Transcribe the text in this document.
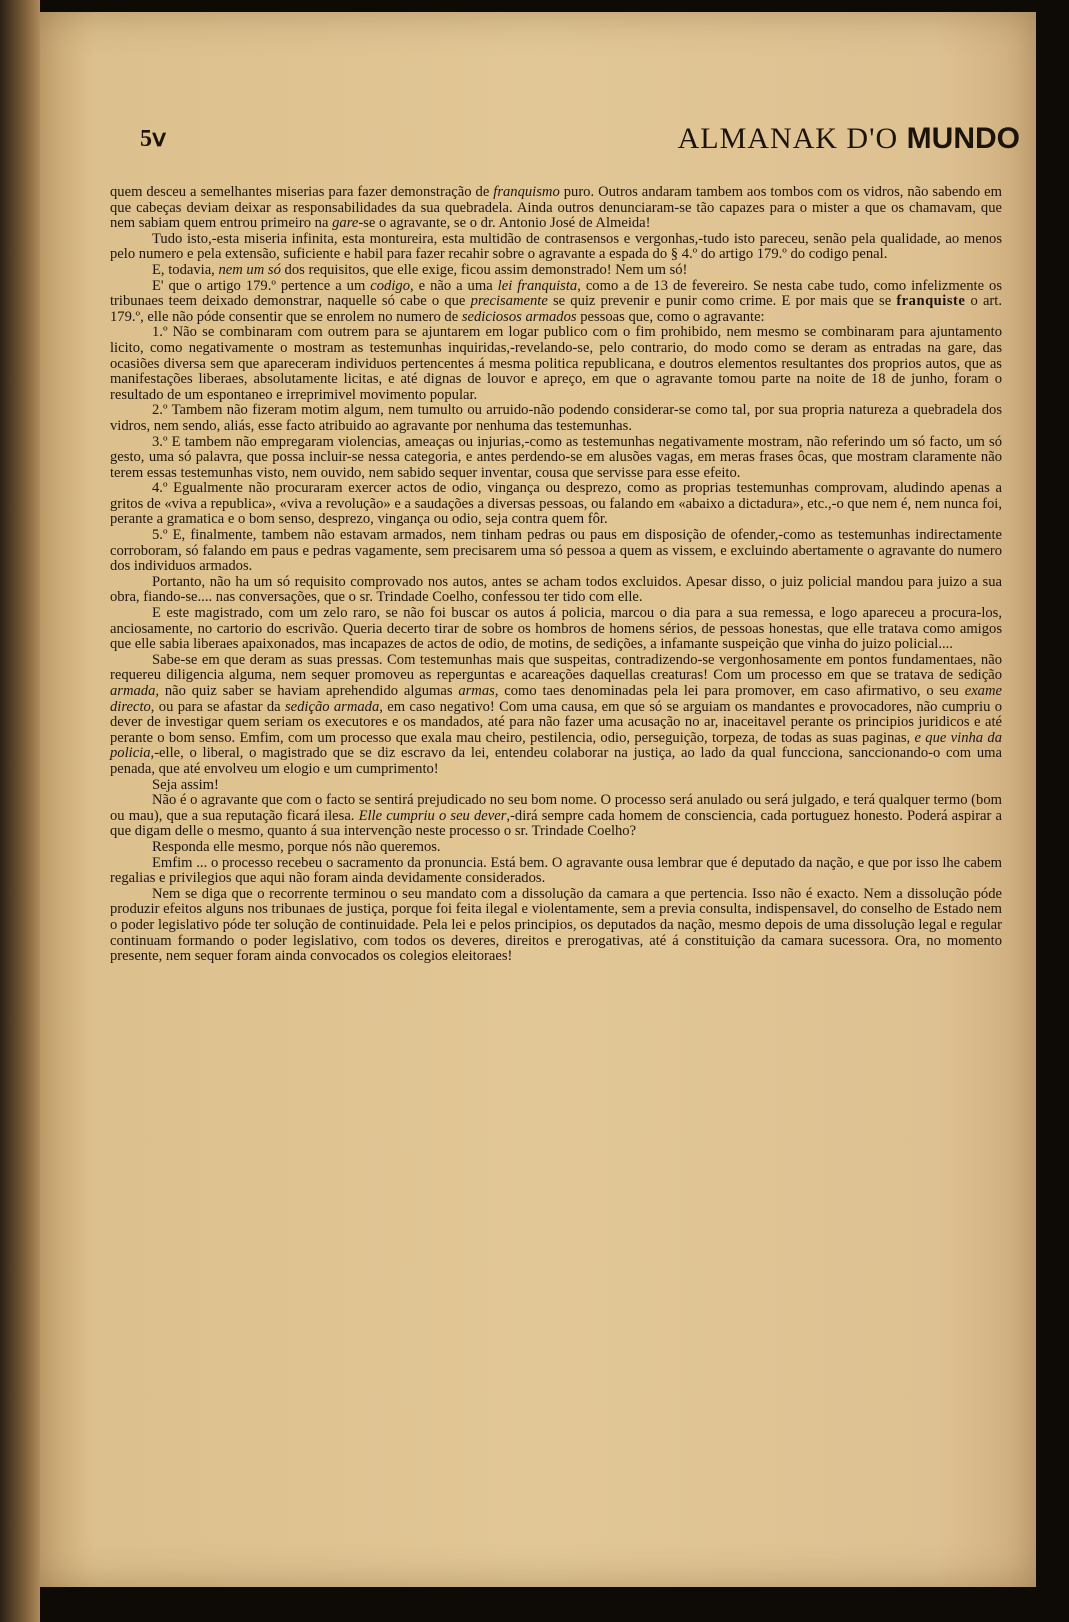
5ⅴ	ALMANAK D'O MUNDO

quem desceu a semelhantes miserias para fazer demonstração de franquismo puro. Outros andaram tambem aos tombos com os vidros, não sabendo em que cabeças deviam deixar as responsabilidades da sua quebradela. Ainda outros denunciaram-se tão capazes para o mister a que os chamavam, que nem sabiam quem entrou primeiro na gare-se o agravante, se o dr. Antonio José de Almeida!

Tudo isto,-esta miseria infinita, esta montureira, esta multidão de contrasensos e vergonhas,-tudo isto pareceu, senão pela qualidade, ao menos pelo numero e pela extensão, suficiente e habil para fazer recahir sobre o agravante a espada do § 4.º do artigo 179.º do codigo penal.

E, todavia, nem um só dos requisitos, que elle exige, ficou assim demonstrado! Nem um só!

E' que o artigo 179.º pertence a um codigo, e não a uma lei franquista, como a de 13 de fevereiro. Se nesta cabe tudo, como infelizmente os tribunaes teem deixado demonstrar, naquelle só cabe o que precisamente se quiz prevenir e punir como crime. E por mais que se franquiste o art. 179.º, elle não póde consentir que se enrolem no numero de sediciosos armados pessoas que, como o agravante:

1.º Não se combinaram com outrem para se ajuntarem em logar publico com o fim prohibido, nem mesmo se combinaram para ajuntamento licito, como negativamente o mostram as testemunhas inquiridas,-revelando-se, pelo contrario, do modo como se deram as entradas na gare, das ocasiões diversa sem que apareceram individuos pertencentes á mesma politica republicana, e doutros elementos resultantes dos proprios autos, que as manifestações liberaes, absolutamente licitas, e até dignas de louvor e apreço, em que o agravante tomou parte na noite de 18 de junho, foram o resultado de um espontaneo e irreprimivel movimento popular.

2.º Tambem não fizeram motim algum, nem tumulto ou arruido-não podendo considerar-se como tal, por sua propria natureza a quebradela dos vidros, nem sendo, aliás, esse facto atribuido ao agravante por nenhuma das testemunhas.

3.º E tambem não empregaram violencias, ameaças ou injurias,-como as testemunhas negativamente mostram, não referindo um só facto, um só gesto, uma só palavra, que possa incluir-se nessa categoria, e antes perdendo-se em alusões vagas, em meras frases ôcas, que mostram claramente não terem essas testemunhas visto, nem ouvido, nem sabido sequer inventar, cousa que servisse para esse efeito.

4.º Egualmente não procuraram exercer actos de odio, vingança ou desprezo, como as proprias testemunhas comprovam, aludindo apenas a gritos de «viva a republica», «viva a revolução» e a saudações a diversas pessoas, ou falando em «abaixo a dictadura», etc.,-o que nem é, nem nunca foi, perante a gramatica e o bom senso, desprezo, vingança ou odio, seja contra quem fôr.

5.º E, finalmente, tambem não estavam armados, nem tinham pedras ou paus em disposição de ofender,-como as testemunhas indirectamente corroboram, só falando em paus e pedras vagamente, sem precisarem uma só pessoa a quem as vissem, e excluindo abertamente o agravante do numero dos individuos armados.

Portanto, não ha um só requisito comprovado nos autos, antes se acham todos excluidos. Apesar disso, o juiz policial mandou para juizo a sua obra, fiando-se.... nas conversações, que o sr. Trindade Coelho, confessou ter tido com elle.

E este magistrado, com um zelo raro, se não foi buscar os autos á policia, marcou o dia para a sua remessa, e logo apareceu a procura-los, anciosamente, no cartorio do escrivão. Queria decerto tirar de sobre os hombros de homens sérios, de pessoas honestas, que elle tratava como amigos que elle sabia liberaes apaixonados, mas incapazes de actos de odio, de motins, de sedições, a infamante suspeição que vinha do juizo policial....

Sabe-se em que deram as suas pressas. Com testemunhas mais que suspeitas, contradizendo-se vergonhosamente em pontos fundamentaes, não requereu diligencia alguma, nem sequer promoveu as reperguntas e acareações daquellas creaturas! Com um processo em que se tratava de sedição armada, não quiz saber se haviam aprehendido algumas armas, como taes denominadas pela lei para promover, em caso afirmativo, o seu exame directo, ou para se afastar da sedição armada, em caso negativo! Com uma causa, em que só se arguiam os mandantes e provocadores, não cumpriu o dever de investigar quem seriam os executores e os mandados, até para não fazer uma acusação no ar, inaceitavel perante os principios juridicos e até perante o bom senso. Emfim, com um processo que exala mau cheiro, pestilencia, odio, perseguição, torpeza, de todas as suas paginas, e que vinha da policia,-elle, o liberal, o magistrado que se diz escravo da lei, entendeu colaborar na justiça, ao lado da qual funcciona, sanccionando-o com uma penada, que até envolveu um elogio e um cumprimento!

Seja assim!

Não é o agravante que com o facto se sentirá prejudicado no seu bom nome. O processo será anulado ou será julgado, e terá qualquer termo (bom ou mau), que a sua reputação ficará ilesa. Elle cumpriu o seu dever,-dirá sempre cada homem de consciencia, cada portuguez honesto. Poderá aspirar a que digam delle o mesmo, quanto á sua intervenção neste processo o sr. Trindade Coelho?

Responda elle mesmo, porque nós não queremos.

Emfim ... o processo recebeu o sacramento da pronuncia. Está bem. O agravante ousa lembrar que é deputado da nação, e que por isso lhe cabem regalias e privilegios que aqui não foram ainda devidamente considerados.

Nem se diga que o recorrente terminou o seu mandato com a dissolução da camara a que pertencia. Isso não é exacto. Nem a dissolução póde produzir efeitos alguns nos tribunaes de justiça, porque foi feita ilegal e violentamente, sem a previa consulta, indispensavel, do conselho de Estado nem o poder legislativo póde ter solução de continuidade. Pela lei e pelos principios, os deputados da nação, mesmo depois de uma dissolução legal e regular continuam formando o poder legislativo, com todos os deveres, direitos e prerogativas, até á constituição da camara sucessora. Ora, no momento presente, nem sequer foram ainda convocados os colegios eleitoraes!
